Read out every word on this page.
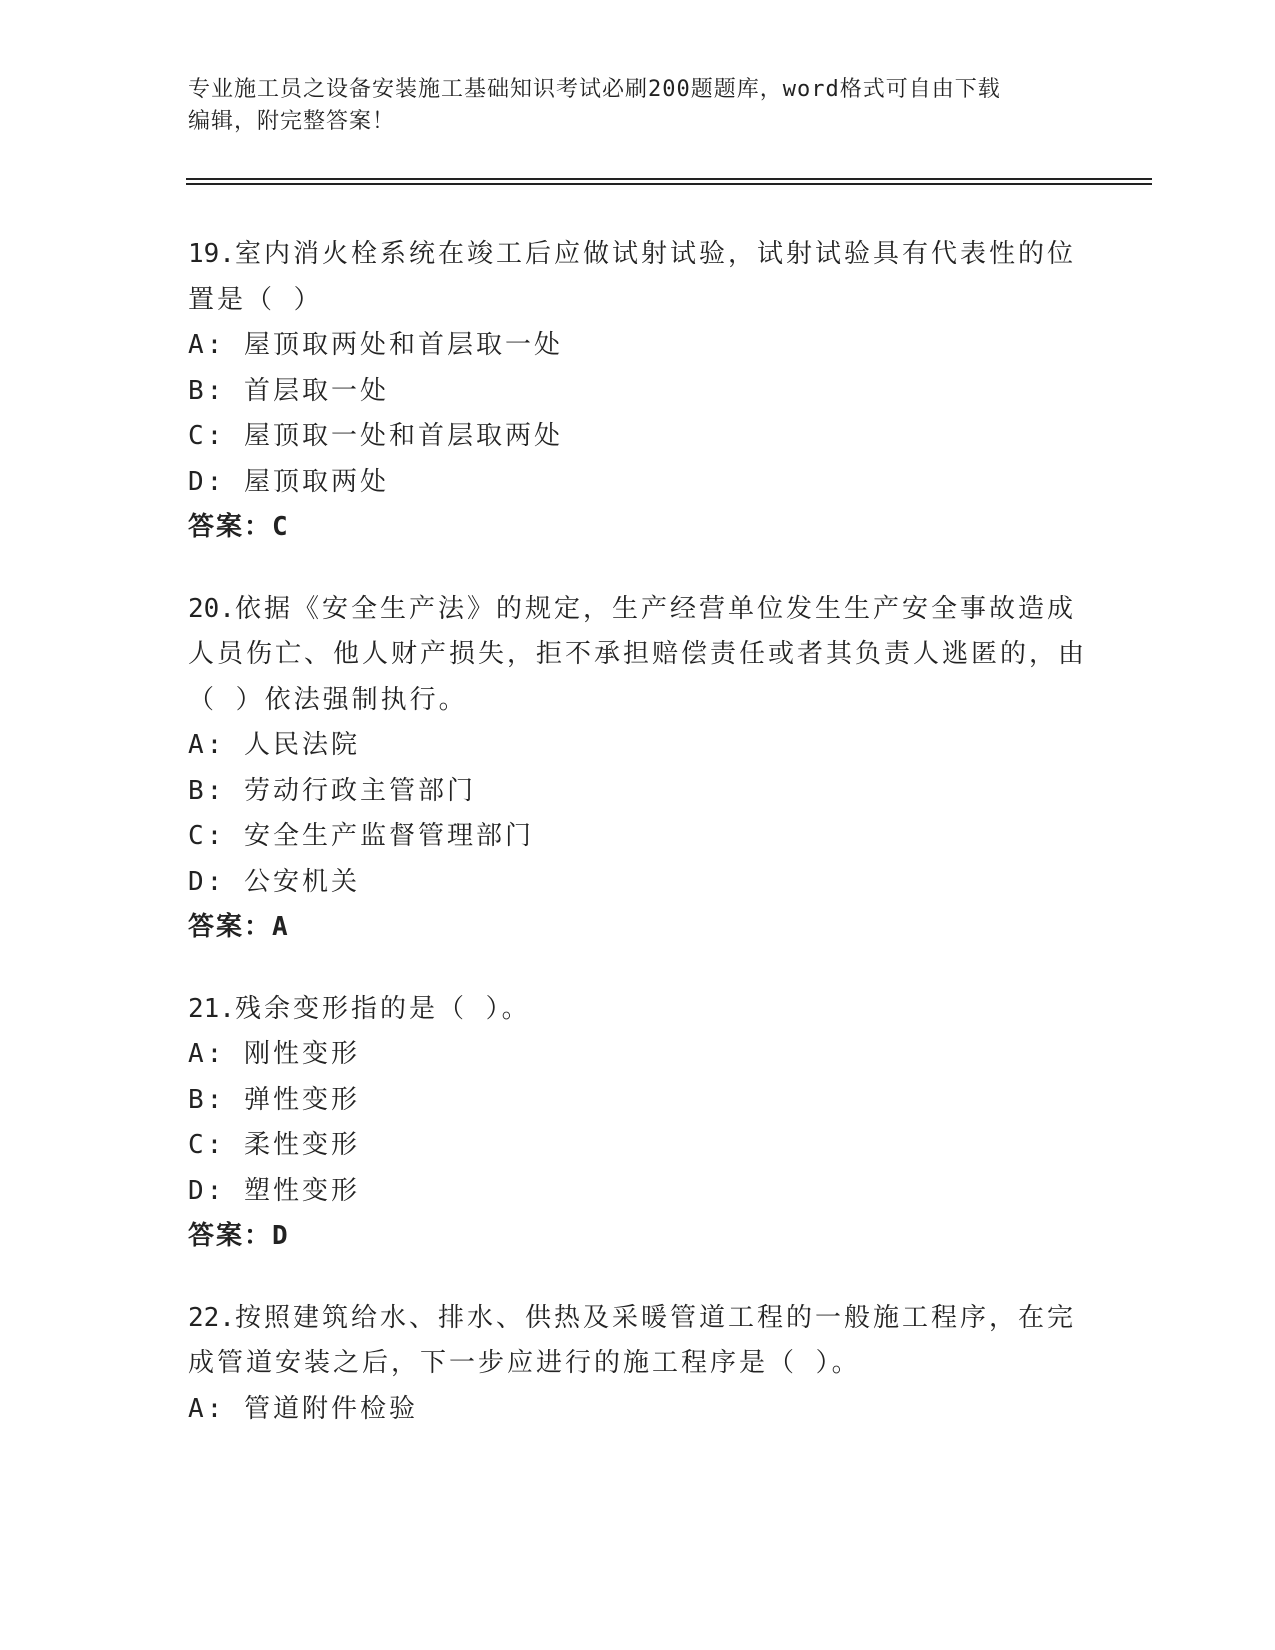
专业施工员之设备安装施工基础知识考试必刷200题题库，word格式可自由下载
编辑，附完整答案！

19.室内消火栓系统在竣工后应做试射试验，试射试验具有代表性的位置是（ ）

A: 屋顶取两处和首层取一处

B: 首层取一处

C: 屋顶取一处和首层取两处

D: 屋顶取两处

答案：C

20.依据《安全生产法》的规定，生产经营单位发生生产安全事故造成人员伤亡、他人财产损失，拒不承担赔偿责任或者其负责人逃匿的，由（ ）依法强制执行。

A: 人民法院

B: 劳动行政主管部门

C: 安全生产监督管理部门

D: 公安机关

答案：A

21.残余变形指的是（ ）。

A: 刚性变形

B: 弹性变形

C: 柔性变形

D: 塑性变形

答案：D

22.按照建筑给水、排水、供热及采暖管道工程的一般施工程序，在完成管道安装之后，下一步应进行的施工程序是（ ）。

A: 管道附件检验
